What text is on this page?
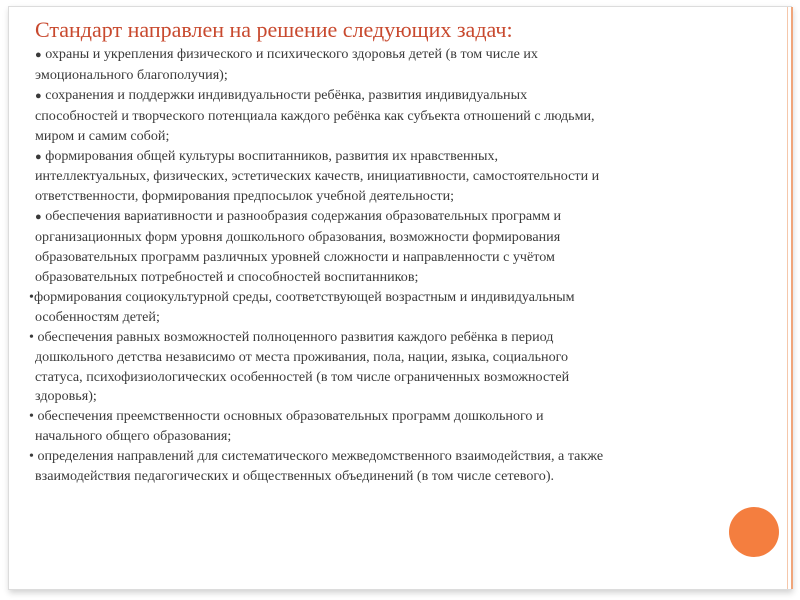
Стандарт направлен на решение следующих задач:
● охраны и укрепления физического и психического здоровья детей (в том числе их
эмоционального благополучия);
● сохранения и поддержки индивидуальности ребёнка, развития индивидуальных
способностей и творческого потенциала каждого ребёнка как субъекта отношений с людьми,
миром и самим собой;
● формирования общей культуры воспитанников, развития их нравственных,
интеллектуальных, физических, эстетических качеств, инициативности, самостоятельности и
ответственности, формирования предпосылок учебной деятельности;
● обеспечения вариативности и разнообразия содержания образовательных программ и
организационных форм уровня дошкольного образования, возможности формирования
образовательных программ различных уровней сложности и направленности с учётом
образовательных потребностей и способностей воспитанников;
•формирования социокультурной среды, соответствующей возрастным и индивидуальным
особенностям детей;
• обеспечения равных возможностей полноценного развития каждого ребёнка в период
дошкольного детства независимо от места проживания, пола, нации, языка, социального
статуса, психофизиологических особенностей (в том числе ограниченных возможностей
здоровья);
• обеспечения преемственности основных образовательных программ дошкольного и
начального общего образования;
• определения направлений для систематического межведомственного взаимодействия, а также
взаимодействия педагогических и общественных объединений (в том числе сетевого).
